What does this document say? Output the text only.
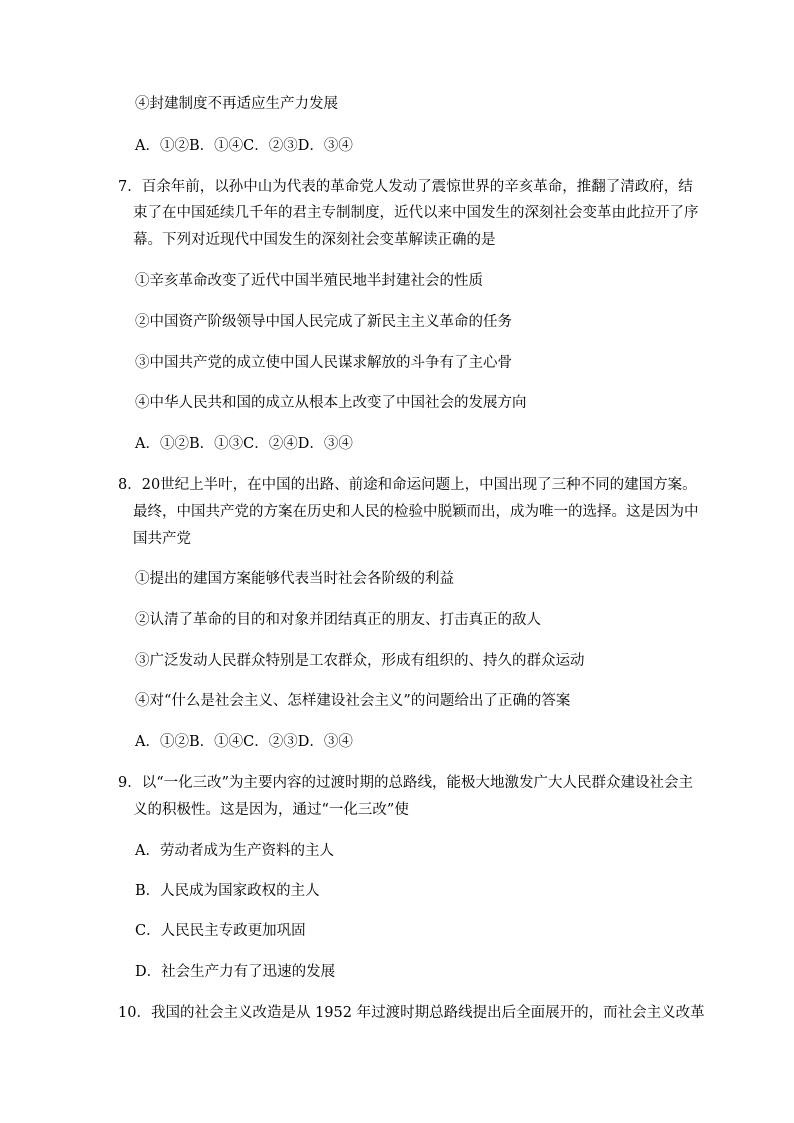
④封建制度不再适应生产力发展
A．①②B．①④C．②③D．③④
7．百余年前，以孙中山为代表的革命党人发动了震惊世界的辛亥革命，推翻了清政府，结
束了在中国延续几千年的君主专制制度，近代以来中国发生的深刻社会变革由此拉开了序
幕。下列对近现代中国发生的深刻社会变革解读正确的是
①辛亥革命改变了近代中国半殖民地半封建社会的性质
②中国资产阶级领导中国人民完成了新民主主义革命的任务
③中国共产党的成立使中国人民谋求解放的斗争有了主心骨
④中华人民共和国的成立从根本上改变了中国社会的发展方向
A．①②B．①③C．②④D．③④
8．20世纪上半叶，在中国的出路、前途和命运问题上，中国出现了三种不同的建国方案。
最终，中国共产党的方案在历史和人民的检验中脱颖而出，成为唯一的选择。这是因为中
国共产党
①提出的建国方案能够代表当时社会各阶级的利益
②认清了革命的目的和对象并团结真正的朋友、打击真正的敌人
③广泛发动人民群众特别是工农群众，形成有组织的、持久的群众运动
④对“什么是社会主义、怎样建设社会主义”的问题给出了正确的答案
A．①②B．①④C．②③D．③④
9．以“一化三改”为主要内容的过渡时期的总路线，能极大地激发广大人民群众建设社会主
义的积极性。这是因为，通过“一化三改”使
A．劳动者成为生产资料的主人
B．人民成为国家政权的主人
C．人民民主专政更加巩固
D．社会生产力有了迅速的发展
10．我国的社会主义改造是从 1952 年过渡时期总路线提出后全面展开的，而社会主义改革
